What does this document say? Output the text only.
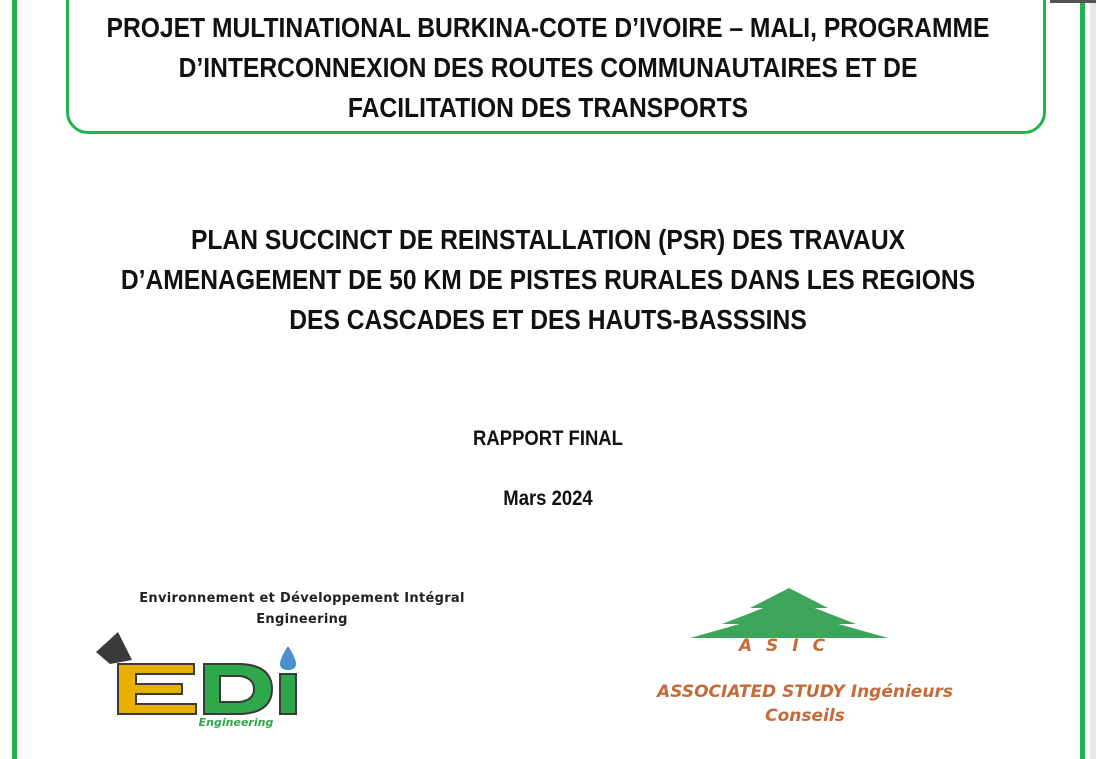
PROJET MULTINATIONAL BURKINA-COTE D’IVOIRE – MALI, PROGRAMME
D’INTERCONNEXION DES ROUTES COMMUNAUTAIRES ET DE
FACILITATION DES TRANSPORTS
PLAN SUCCINCT DE REINSTALLATION (PSR) DES TRAVAUX
D’AMENAGEMENT DE 50 KM DE PISTES RURALES DANS LES REGIONS
DES CASCADES ET DES HAUTS-BASSSINS
RAPPORT FINAL
Mars 2024
Environnement et Développement Intégral
Engineering
Engineering
ASIC
ASSOCIATED STUDY Ingénieurs
Conseils
